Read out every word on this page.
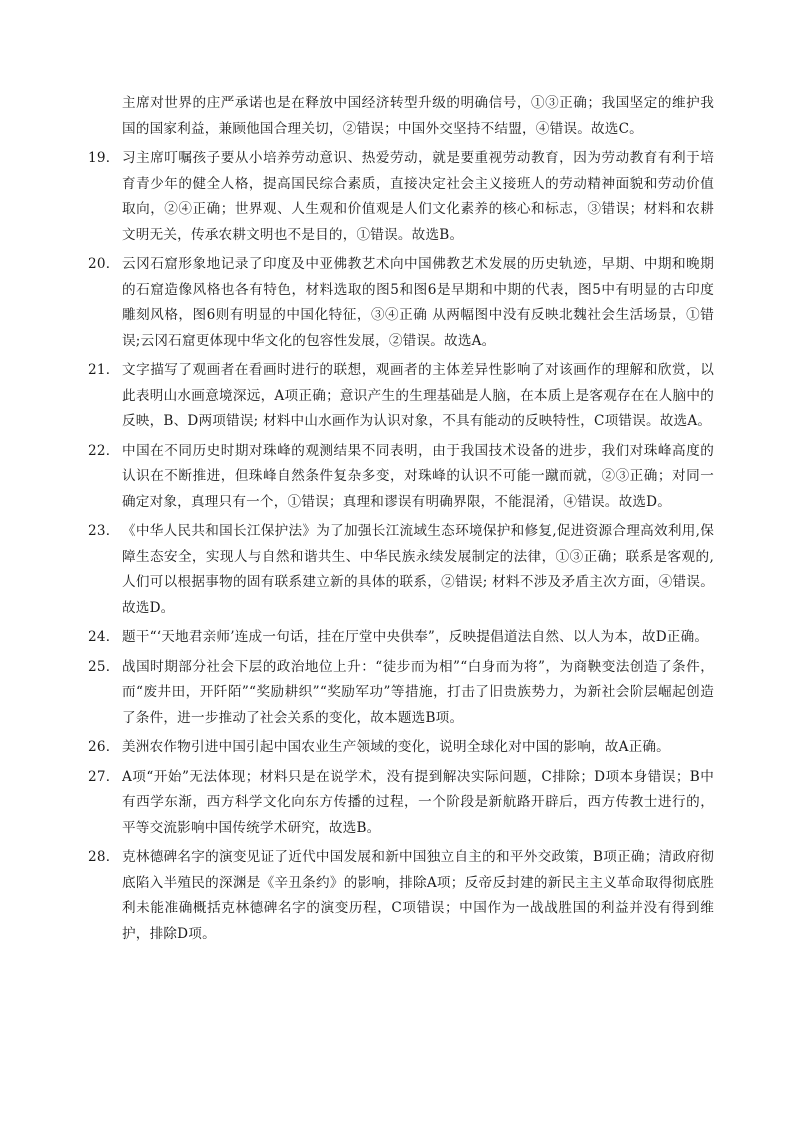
主席对世界的庄严承诺也是在释放中国经济转型升级的明确信号，①③正确；我国坚定的维护我国的国家利益，兼顾他国合理关切，②错误；中国外交坚持不结盟，④错误。故选C。
19． 习主席叮嘱孩子要从小培养劳动意识、热爱劳动，就是要重视劳动教育，因为劳动教育有利于培育青少年的健全人格，提高国民综合素质，直接决定社会主义接班人的劳动精神面貌和劳动价值取向，②④正确；世界观、人生观和价值观是人们文化素养的核心和标志，③错误；材料和农耕文明无关，传承农耕文明也不是目的，①错误。故选B。
20． 云冈石窟形象地记录了印度及中亚佛教艺术向中国佛教艺术发展的历史轨迹，早期、中期和晚期的石窟造像风格也各有特色，材料选取的图5和图6是早期和中期的代表，图5中有明显的古印度雕刻风格，图6则有明显的中国化特征，③④正确 从两幅图中没有反映北魏社会生活场景，①错误;云冈石窟更体现中华文化的包容性发展，②错误。故选A。
21． 文字描写了观画者在看画时进行的联想，观画者的主体差异性影响了对该画作的理解和欣赏，以此表明山水画意境深远，A项正确；意识产生的生理基础是人脑，在本质上是客观存在在人脑中的反映，B、D两项错误; 材料中山水画作为认识对象，不具有能动的反映特性，C项错误。故选A。
22． 中国在不同历史时期对珠峰的观测结果不同表明，由于我国技术设备的进步，我们对珠峰高度的认识在不断推进，但珠峰自然条件复杂多变，对珠峰的认识不可能一蹴而就，②③正确；对同一确定对象，真理只有一个，①错误；真理和谬误有明确界限，不能混淆，④错误。故选D。
23． 《中华人民共和国长江保护法》为了加强长江流域生态环境保护和修复,促进资源合理高效利用,保障生态安全，实现人与自然和谐共生、中华民族永续发展制定的法律，①③正确；联系是客观的,人们可以根据事物的固有联系建立新的具体的联系，②错误; 材料不涉及矛盾主次方面，④错误。故选D。
24． 题干“‘天地君亲师’连成一句话，挂在厅堂中央供奉”，反映提倡道法自然、以人为本，故D正确。
25． 战国时期部分社会下层的政治地位上升：“徒步而为相”“白身而为将”，为商鞅变法创造了条件，而“废井田，开阡陌”“奖励耕织”“奖励军功”等措施，打击了旧贵族势力，为新社会阶层崛起创造了条件，进一步推动了社会关系的变化，故本题选B项。
26． 美洲农作物引进中国引起中国农业生产领域的变化，说明全球化对中国的影响，故A正确。
27． A项“开始”无法体现；材料只是在说学术，没有提到解决实际问题，C排除；D项本身错误；B中有西学东渐，西方科学文化向东方传播的过程，一个阶段是新航路开辟后，西方传教士进行的，平等交流影响中国传统学术研究，故选B。
28． 克林德碑名字的演变见证了近代中国发展和新中国独立自主的和平外交政策，B项正确；清政府彻底陷入半殖民的深渊是《辛丑条约》的影响，排除A项；反帝反封建的新民主主义革命取得彻底胜利未能准确概括克林德碑名字的演变历程，C项错误；中国作为一战战胜国的利益并没有得到维护，排除D项。
